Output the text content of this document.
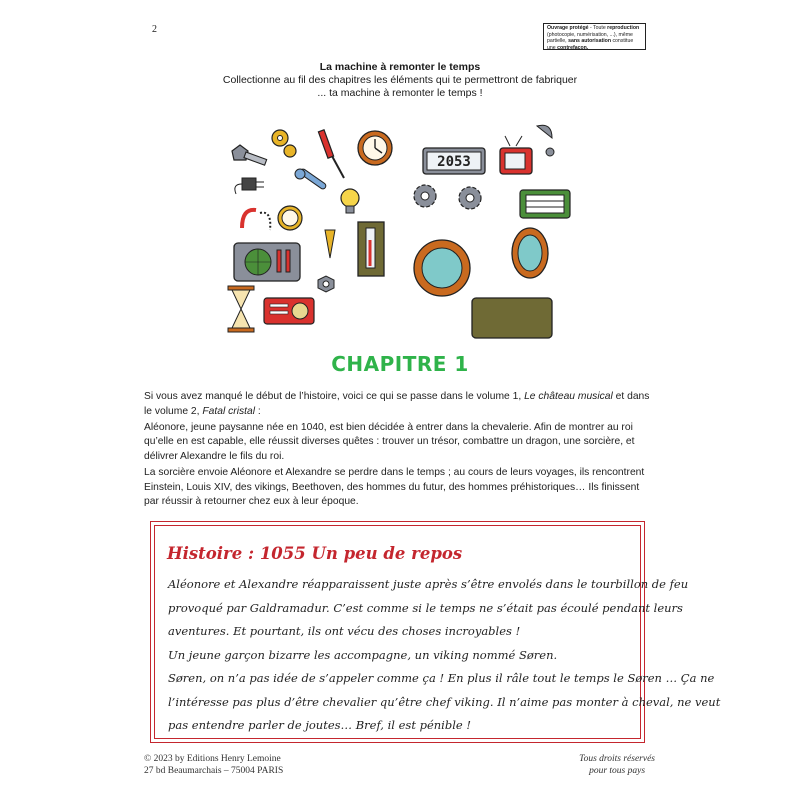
2	Ouvrage protégé - Toute reproduction (photocopie, numérisation, ...), même partielle, sans autorisation constitue une contrefaçon.
La machine à remonter le temps
Collectionne au fil des chapitres les éléments qui te permettront de fabriquer
... ta machine à remonter le temps !
2053
CHAPITRE 1

Si vous avez manqué le début de l’histoire, voici ce qui se passe dans le volume 1, Le château musical et dans le volume 2, Fatal cristal :

Aléonore, jeune paysanne née en 1040, est bien décidée à entrer dans la chevalerie. Afin de montrer au roi qu’elle en est capable, elle réussit diverses quêtes : trouver un trésor, combattre un dragon, une sorcière, et délivrer Alexandre le fils du roi.

La sorcière envoie Aléonore et Alexandre se perdre dans le temps ; au cours de leurs voyages, ils rencontrent Einstein, Louis XIV, des vikings, Beethoven, des hommes du futur, des hommes préhistoriques… Ils finissent par réussir à retourner chez eux à leur époque.

Histoire : 1055 Un peu de repos
Aléonore et Alexandre réapparaissent juste après s’être envolés dans le tourbillon de feu
provoqué par Galdramadur. C’est comme si le temps ne s’était pas écoulé pendant leurs
aventures. Et pourtant, ils ont vécu des choses incroyables !
Un jeune garçon bizarre les accompagne, un viking nommé Søren.
Søren, on n’a pas idée de s’appeler comme ça ! En plus il râle tout le temps le Søren … Ça ne
l’intéresse pas plus d’être chevalier qu’être chef viking. Il n’aime pas monter à cheval, ne veut
pas entendre parler de joutes… Bref, il est pénible !
© 2023 by Editions Henry Lemoine
27 bd Beaumarchais – 75004 PARIS
Tous droits réservés
pour tous pays
